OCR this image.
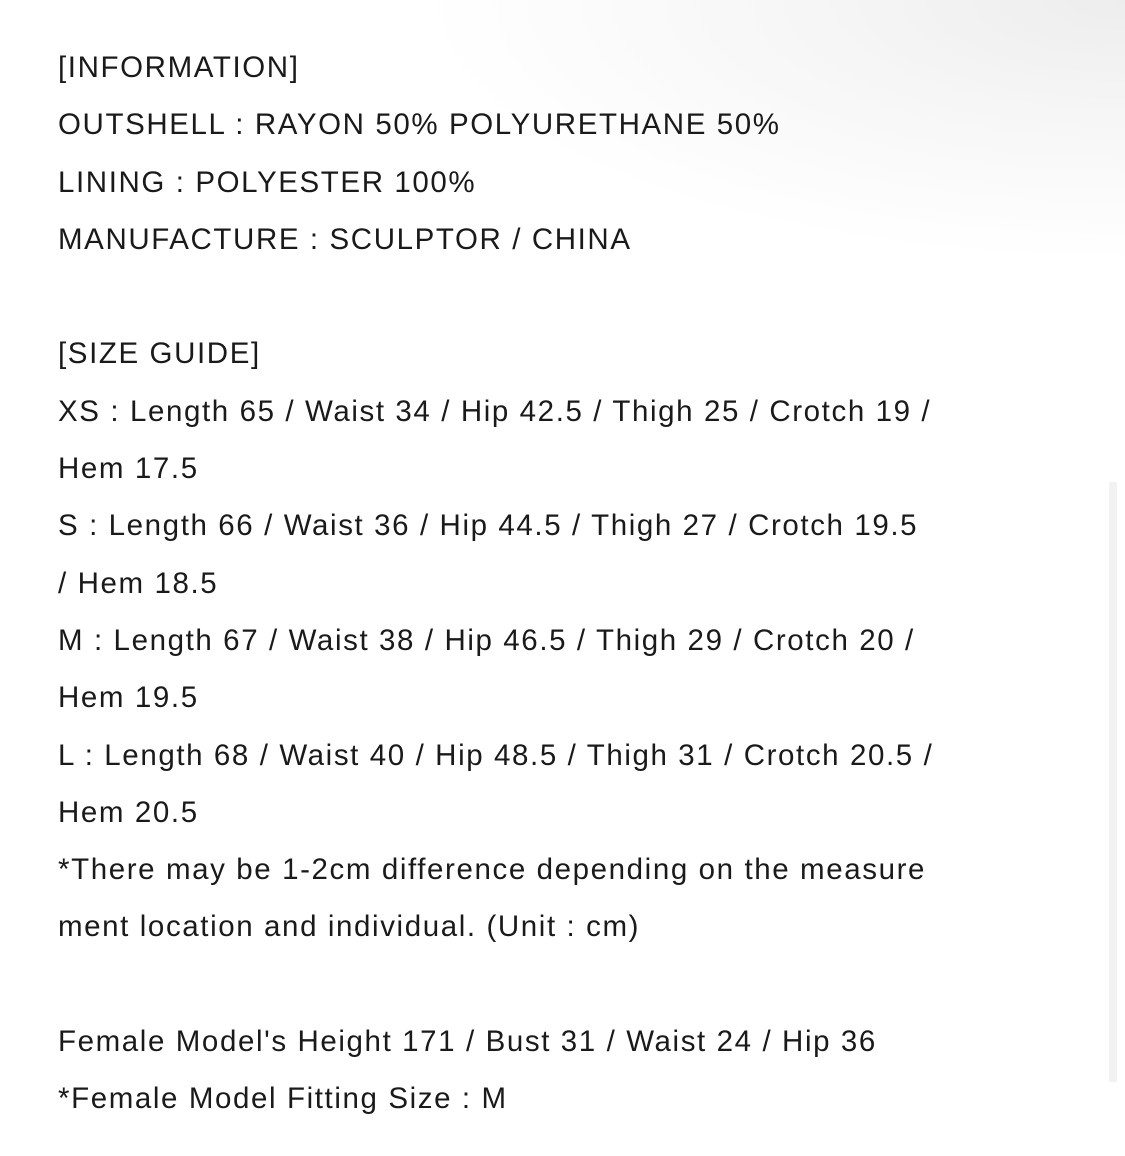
[INFORMATION]
OUTSHELL : RAYON 50% POLYURETHANE 50%
LINING : POLYESTER 100%
MANUFACTURE : SCULPTOR / CHINA
[SIZE GUIDE]
XS : Length 65 / Waist 34 / Hip 42.5 / Thigh 25 / Crotch 19 /
Hem 17.5
S : Length 66 / Waist 36 / Hip 44.5 / Thigh 27 / Crotch 19.5
/ Hem 18.5
M : Length 67 / Waist 38 / Hip 46.5 / Thigh 29 / Crotch 20 /
Hem 19.5
L : Length 68 / Waist 40 / Hip 48.5 / Thigh 31 / Crotch 20.5 /
Hem 20.5
*There may be 1-2cm difference depending on the measure
ment location and individual. (Unit : cm)
Female Model's Height 171 / Bust 31 / Waist 24 / Hip 36
*Female Model Fitting Size : M
